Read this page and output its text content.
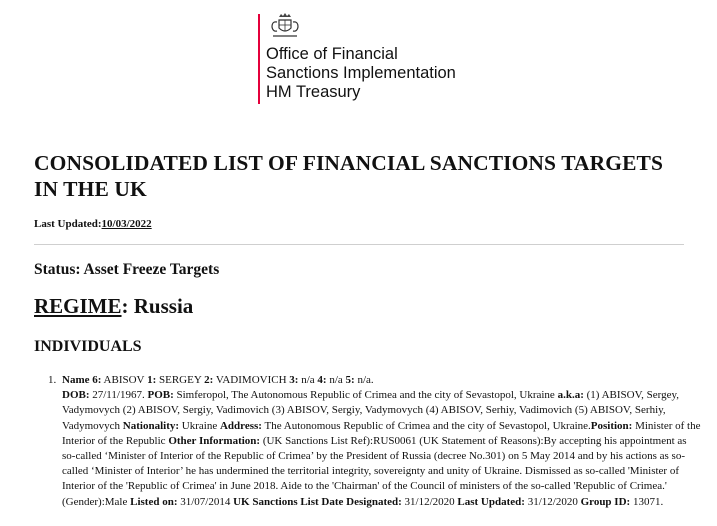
Office of Financial
Sanctions Implementation
HM Treasury
CONSOLIDATED LIST OF FINANCIAL SANCTIONS TARGETS IN THE UK
Last Updated:10/03/2022
Status: Asset Freeze Targets
REGIME: Russia
INDIVIDUALS
1. Name 6: ABISOV 1: SERGEY 2: VADIMOVICH 3: n/a 4: n/a 5: n/a.
DOB: 27/11/1967. POB: Simferopol, The Autonomous Republic of Crimea and the city of Sevastopol, Ukraine a.k.a: (1) ABISOV, Sergey, Vadymovych (2) ABISOV, Sergiy, Vadimovich (3) ABISOV, Sergiy, Vadymovych (4) ABISOV, Serhiy, Vadimovich (5) ABISOV, Serhiy, Vadymovych Nationality: Ukraine Address: The Autonomous Republic of Crimea and the city of Sevastopol, Ukraine.Position: Minister of the Interior of the Republic Other Information: (UK Sanctions List Ref):RUS0061 (UK Statement of Reasons):By accepting his appointment as so-called ‘Minister of Interior of the Republic of Crimea’ by the President of Russia (decree No.301) on 5 May 2014 and by his actions as so-called ‘Minister of Interior’ he has undermined the territorial integrity, sovereignty and unity of Ukraine. Dismissed as so-called 'Minister of Interior of the 'Republic of Crimea' in June 2018. Aide to the 'Chairman' of the Council of ministers of the so-called 'Republic of Crimea.' (Gender):Male Listed on: 31/07/2014 UK Sanctions List Date Designated: 31/12/2020 Last Updated: 31/12/2020 Group ID: 13071.
